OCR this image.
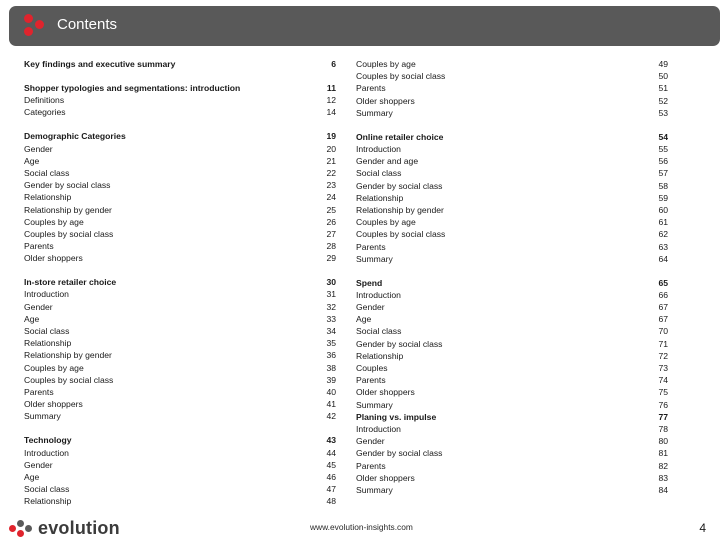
Contents
Key findings and executive summary	6
Shopper typologies and segmentations: introduction	11
Definitions	12
Categories	14
Demographic Categories	19
Gender	20
Age	21
Social class	22
Gender by social class	23
Relationship	24
Relationship by gender	25
Couples by age	26
Couples by social class	27
Parents	28
Older shoppers	29
In-store retailer choice	30
Introduction	31
Gender	32
Age	33
Social class	34
Relationship	35
Relationship by gender	36
Couples by age	38
Couples by social class	39
Parents	40
Older shoppers	41
Summary	42
Technology	43
Introduction	44
Gender	45
Age	46
Social class	47
Relationship	48
Couples by age	49
Couples by social class	50
Parents	51
Older shoppers	52
Summary	53
Online retailer choice	54
Introduction	55
Gender and age	56
Social class	57
Gender by social class	58
Relationship	59
Relationship by gender	60
Couples by age	61
Couples by social class	62
Parents	63
Summary	64
Spend	65
Introduction	66
Gender	67
Age	67
Social class	70
Gender by social class	71
Relationship	72
Couples	73
Parents	74
Older shoppers	75
Summary	76
Planing vs. impulse	77
Introduction	78
Gender	80
Gender by social class	81
Parents	82
Older shoppers	83
Summary	84
evolution	www.evolution-insights.com	4
